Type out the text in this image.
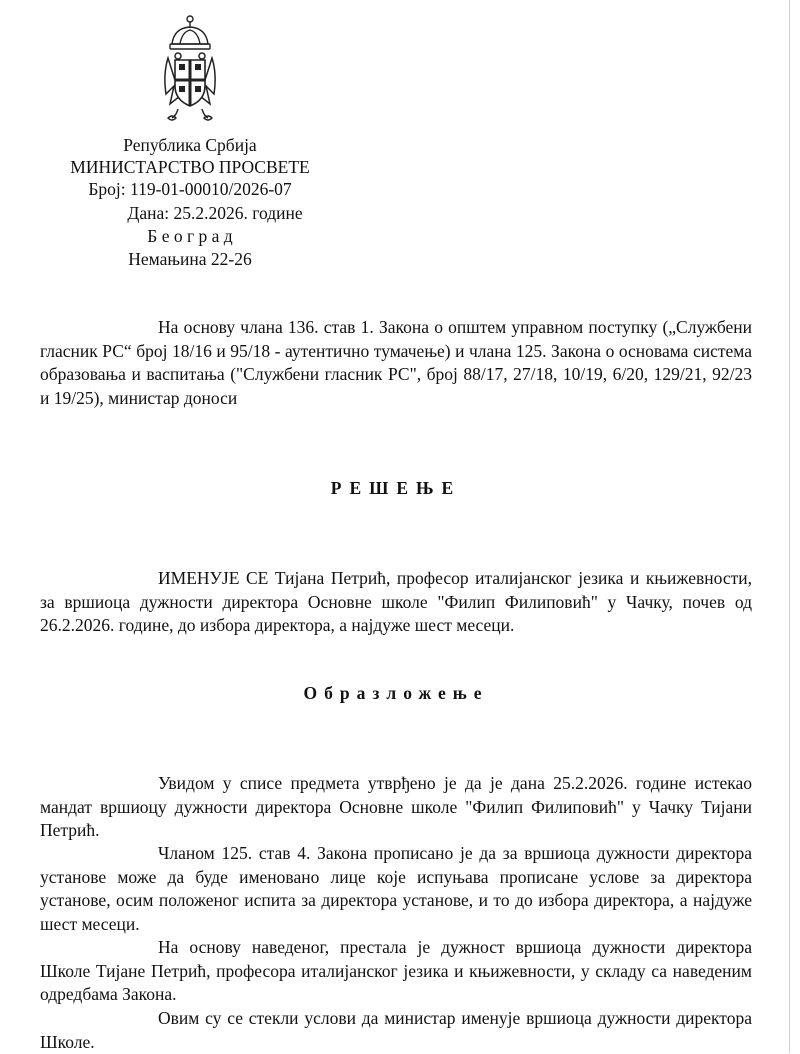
Република Србија
МИНИСТАРСТВО ПРОСВЕТЕ
Број: 119-01-00010/2026-07
Дана: 25.2.2026. године
Б е о г р а д
Немањина 22-26

На основу члана 136. став 1. Закона о општем управном поступку („Службени гласник РС“ број 18/16 и 95/18 - аутентично тумачење) и члана 125. Закона о основама система образовања и васпитања ("Службени гласник РС", број 88/17, 27/18, 10/19, 6/20, 129/21, 92/23 и 19/25), министар доноси

РЕШЕЊЕ

ИМЕНУЈЕ СЕ Тијана Петрић, професор италијанског језика и књижевности, за вршиоца дужности директора Основне школе "Филип Филиповић" у Чачку, почев од 26.2.2026. године, до избора директора, а најдуже шест месеци.

Образложење

Увидом у списе предмета утврђено је да је дана 25.2.2026. године истекао мандат вршиоцу дужности директора Основне школе "Филип Филиповић" у Чачку Тијани Петрић.

Чланом 125. став 4. Закона прописано је да за вршиоца дужности директора установе може да буде именовано лице које испуњава прописане услове за директора установе, осим положеног испита за директора установе, и то до избора директора, а најдуже шест месеци.

На основу наведеног, престала је дужност вршиоца дужности директора Школе Тијане Петрић, професора италијанског језика и књижевности, у складу са наведеним одредбама Закона.

Овим су се стекли услови да министар именује вршиоца дужности директора Школе.
